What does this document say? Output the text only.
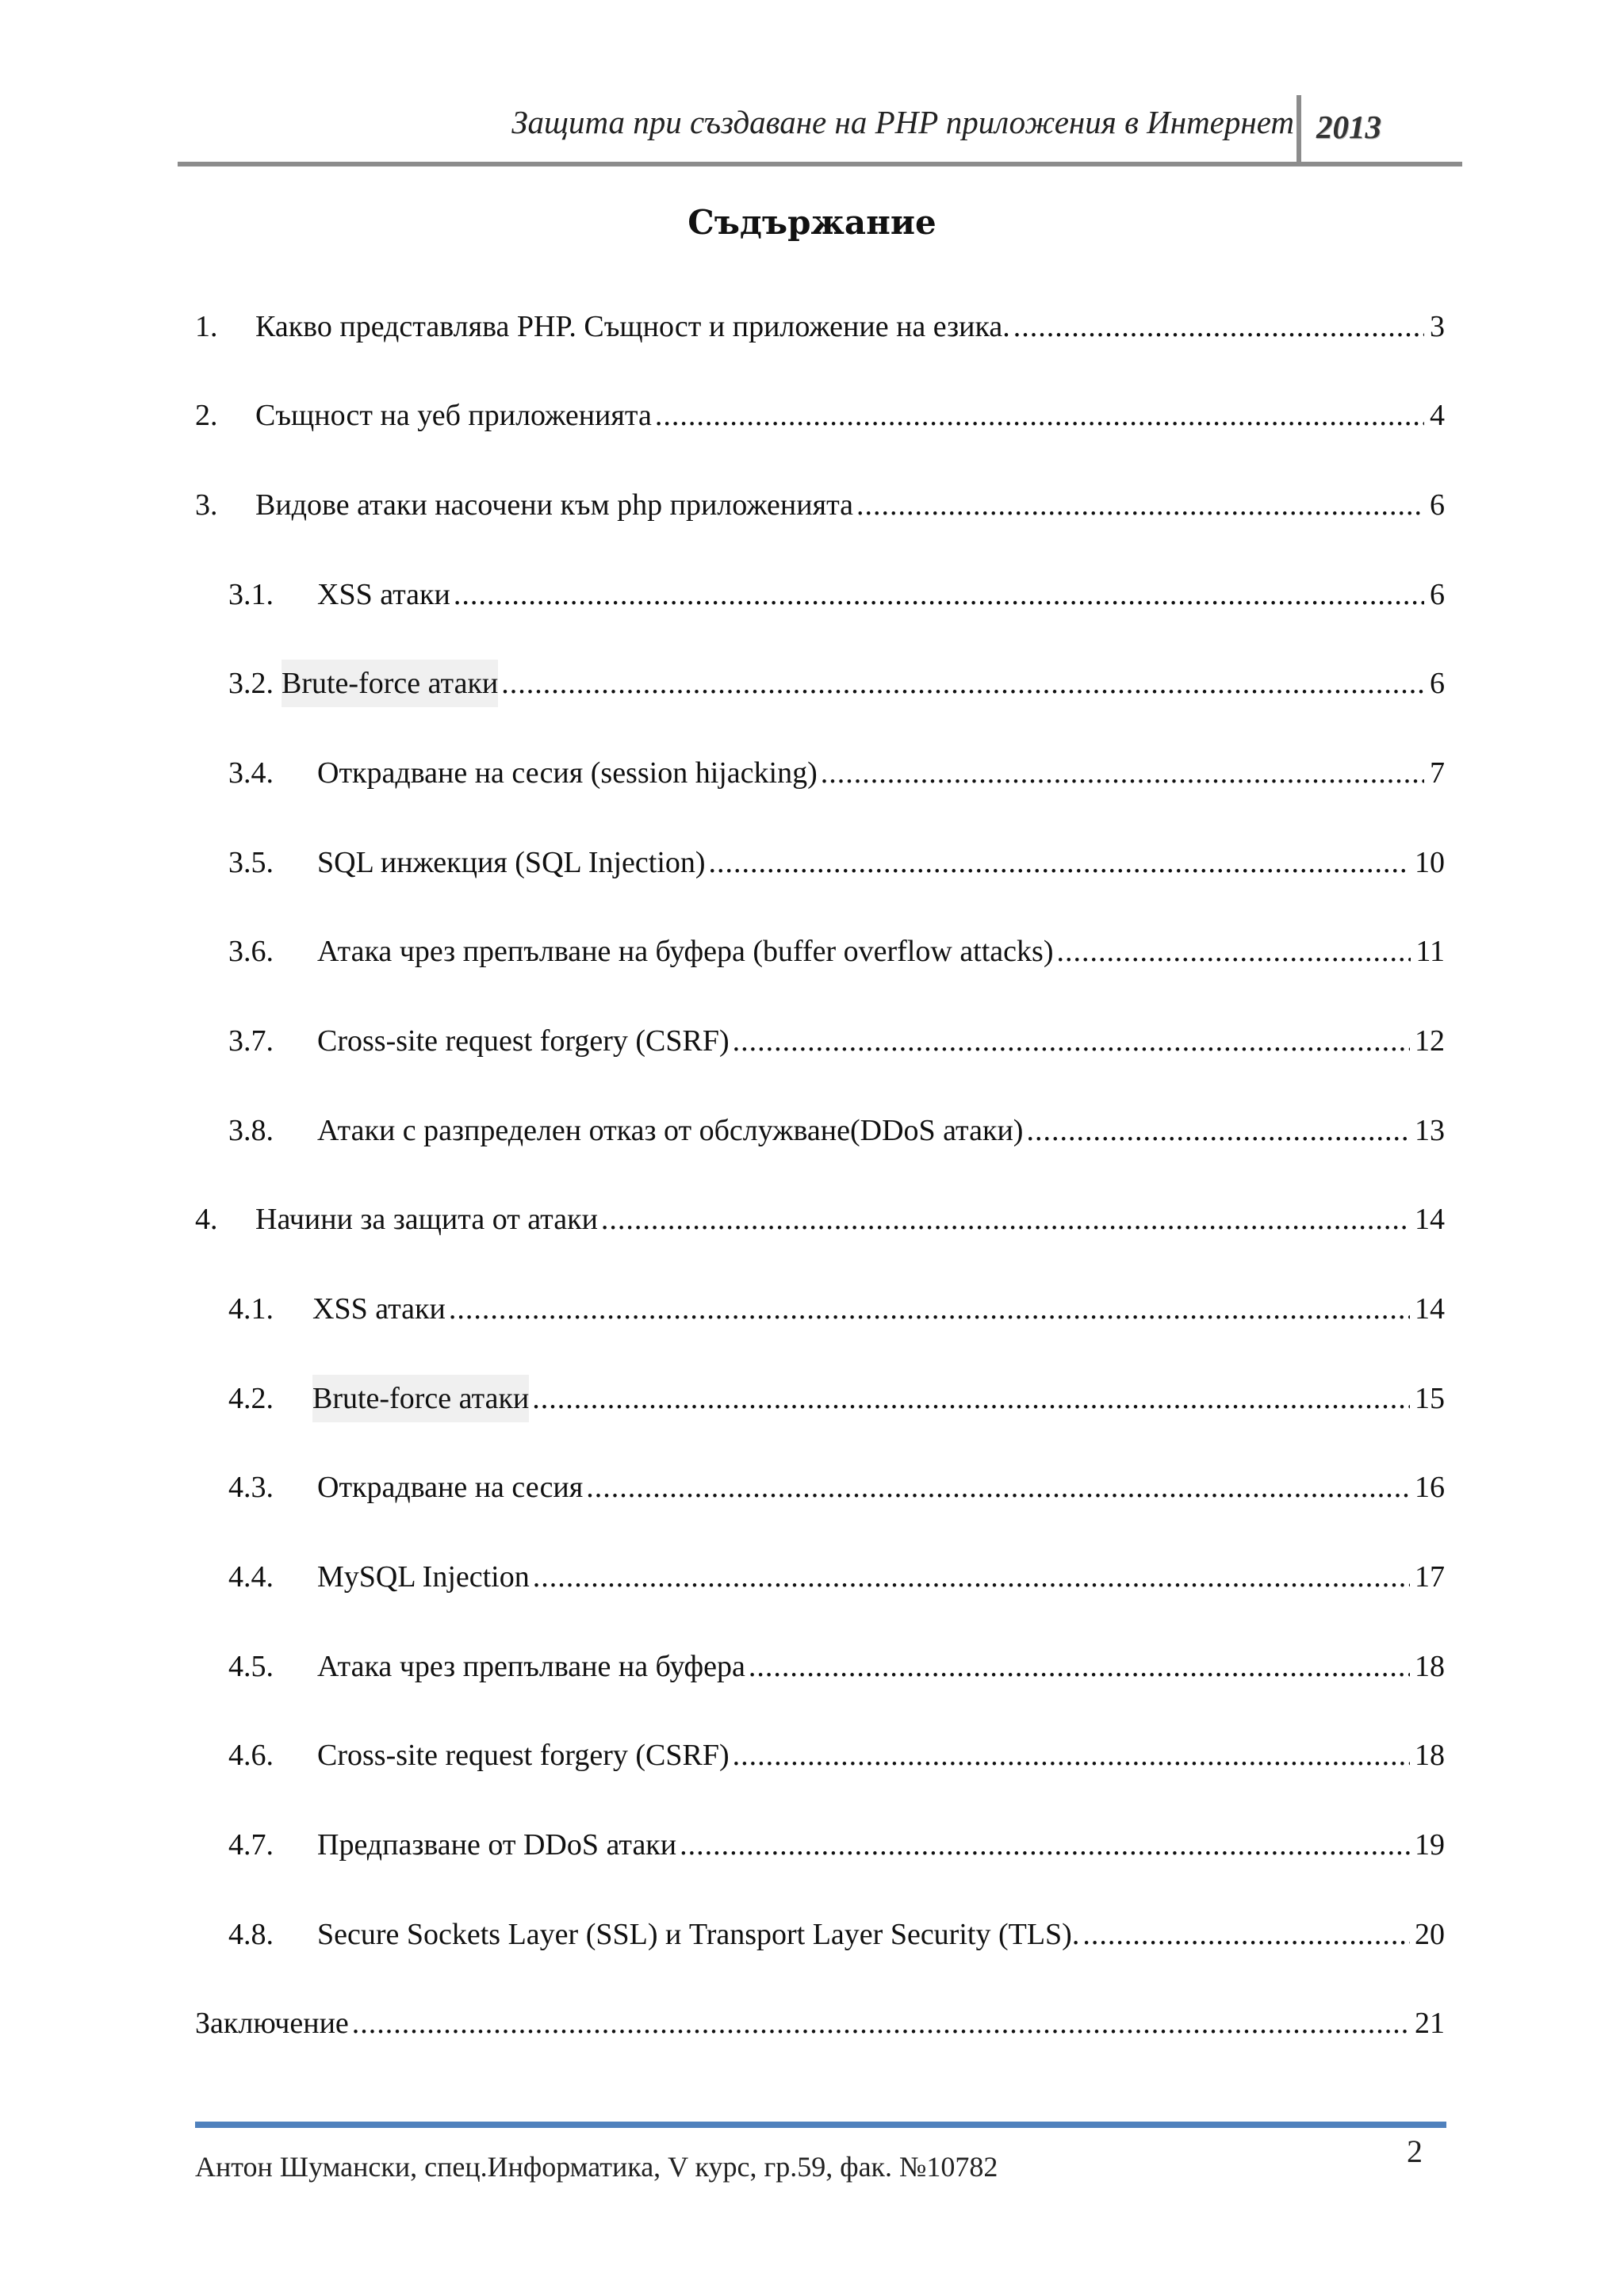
Защита при създаване на PHP приложения в Интернет 2013
Съдържание
1.	Какво представлява PHP. Същност и приложение на езика. .....	3
2.	Същност на уеб приложенията .....	4
3.	Видове атаки насочени към php приложенията .....	6
3.1.	XSS атаки .....	6
3.2. Brute-force атаки .....	6
3.4.	Открадване на сесия (session hijacking) .....	7
3.5.	SQL инжекция (SQL Injection) .....	10
3.6.	Атака чрез препълване на буфера (buffer overflow attacks) .....	11
3.7.	Cross-site request forgery (CSRF) .....	12
3.8.	Атаки с разпределен отказ от обслужване(DDoS атаки) .....	13
4.	Начини за защита от атаки .....	14
4.1.	XSS атаки .....	14
4.2.	Brute-force атаки .....	15
4.3.	Открадване на сесия .....	16
4.4.	MySQL Injection .....	17
4.5.	Атака чрез препълване на буфера .....	18
4.6.	Cross-site request forgery (CSRF) .....	18
4.7.	Предпазване от DDoS атаки .....	19
4.8.	Secure Sockets Layer (SSL) и Transport Layer Security (TLS). .....	20
Заключение .....	21
Антон Шумански, спец.Информатика, V курс, гр.59, фак. №10782	2
